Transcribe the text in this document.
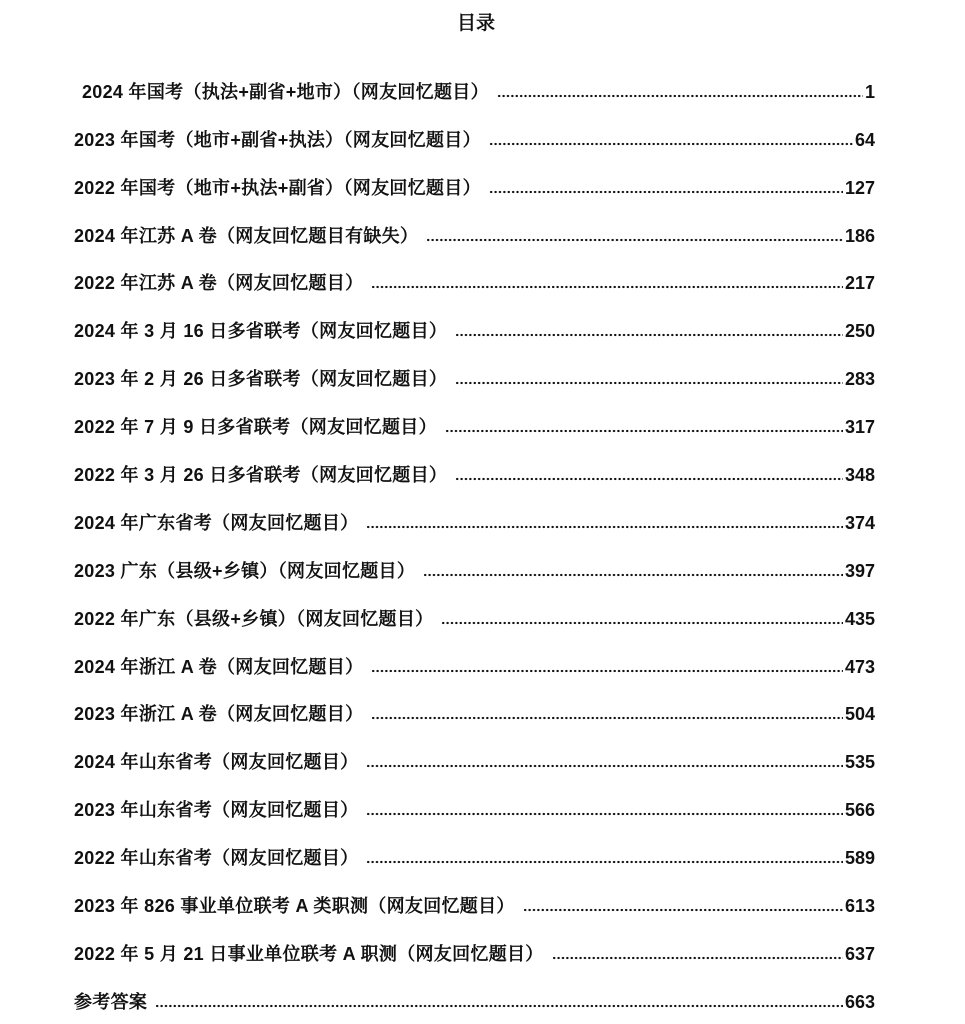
目录
2024 年国考（执法+副省+地市）（网友回忆题目）	1
2023 年国考（地市+副省+执法）（网友回忆题目）	64
2022 年国考（地市+执法+副省）（网友回忆题目）	127
2024 年江苏 A 卷（网友回忆题目有缺失）	186
2022 年江苏 A 卷（网友回忆题目）	217
2024 年 3 月 16 日多省联考（网友回忆题目）	250
2023 年 2 月 26 日多省联考（网友回忆题目）	283
2022 年 7 月 9 日多省联考（网友回忆题目）	317
2022 年 3 月 26 日多省联考（网友回忆题目）	348
2024 年广东省考（网友回忆题目）	374
2023 广东（县级+乡镇）（网友回忆题目）	397
2022 年广东（县级+乡镇）（网友回忆题目）	435
2024 年浙江 A 卷（网友回忆题目）	473
2023 年浙江 A 卷（网友回忆题目）	504
2024 年山东省考（网友回忆题目）	535
2023 年山东省考（网友回忆题目）	566
2022 年山东省考（网友回忆题目）	589
2023 年 826 事业单位联考 A 类职测（网友回忆题目）	613
2022 年 5 月 21 日事业单位联考 A 职测（网友回忆题目）	637
参考答案	663
